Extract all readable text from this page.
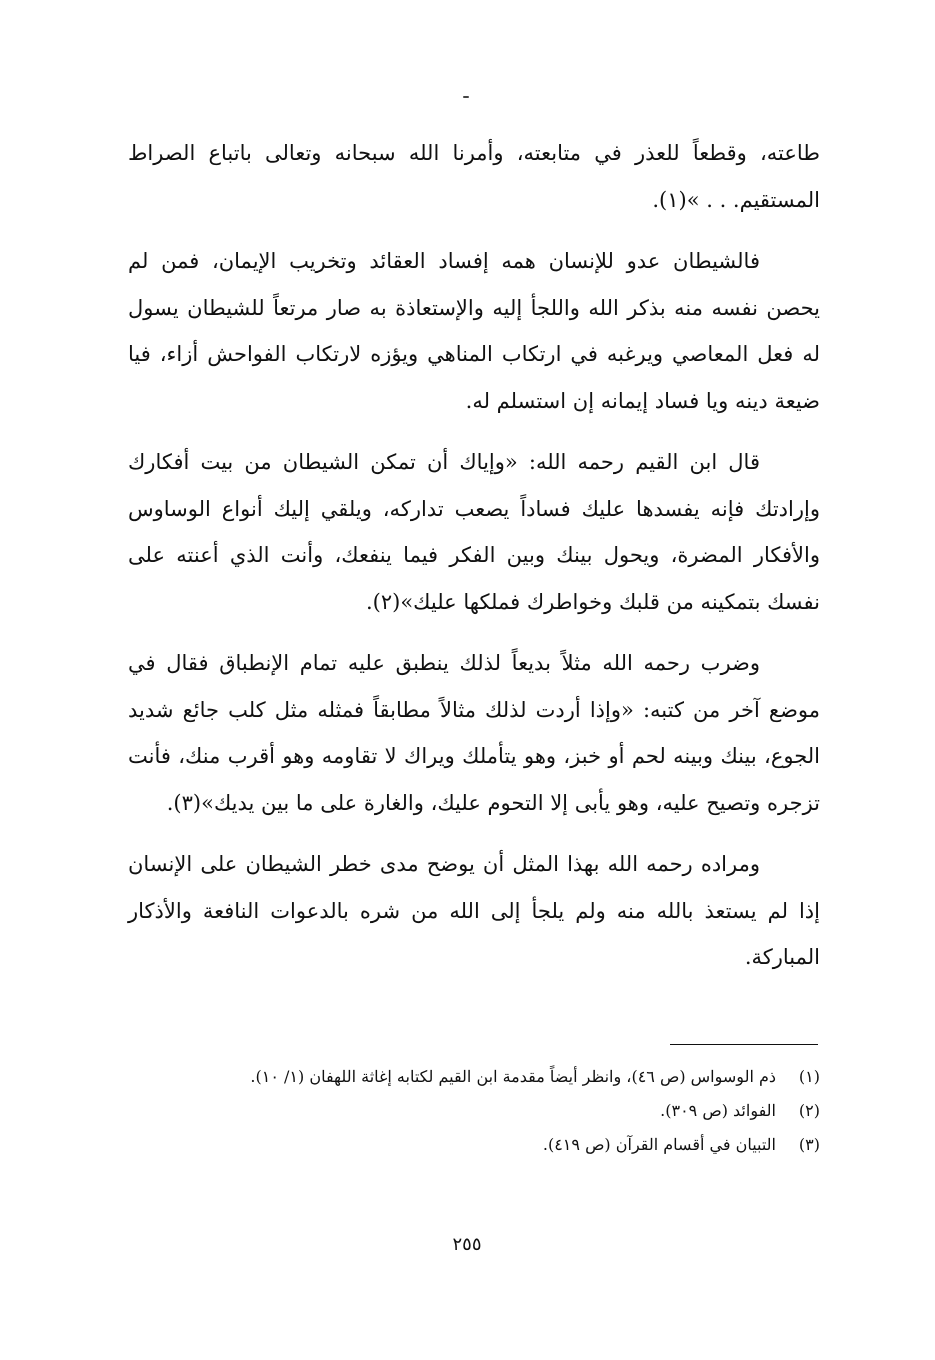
طاعته، وقطعاً للعذر في متابعته، وأمرنا الله سبحانه وتعالى باتباع الصراط المستقيم. . . »(١).

فالشيطان عدو للإنسان همه إفساد العقائد وتخريب الإيمان، فمن لم يحصن نفسه منه بذكر الله واللجأ إليه والإستعاذة به صار مرتعاً للشيطان يسول له فعل المعاصي ويرغبه في ارتكاب المناهي ويؤزه لارتكاب الفواحش أزاء، فيا ضيعة دينه ويا فساد إيمانه إن استسلم له.

قال ابن القيم رحمه الله: «وإياك أن تمكن الشيطان من بيت أفكارك وإرادتك فإنه يفسدها عليك فساداً يصعب تداركه، ويلقي إليك أنواع الوساوس والأفكار المضرة، ويحول بينك وبين الفكر فيما ينفعك، وأنت الذي أعنته على نفسك بتمكينه من قلبك وخواطرك فملكها عليك»(٢).

وضرب رحمه الله مثلاً بديعاً لذلك ينطبق عليه تمام الإنطباق فقال في موضع آخر من كتبه: «وإذا أردت لذلك مثالاً مطابقاً فمثله مثل كلب جائع شديد الجوع، بينك وبينه لحم أو خبز، وهو يتأملك ويراك لا تقاومه وهو أقرب منك، فأنت تزجره وتصيح عليه، وهو يأبى إلا التحوم عليك، والغارة على ما بين يديك»(٣).

ومراده رحمه الله بهذا المثل أن يوضح مدى خطر الشيطان على الإنسان إذا لم يستعذ بالله منه ولم يلجأ إلى الله من شره بالدعوات النافعة والأذكار المباركة.

(١)
ذم الوسواس (ص ٤٦)، وانظر أيضاً مقدمة ابن القيم لكتابه إغاثة اللهفان (١/ ١٠).
(٢)
الفوائد (ص ٣٠٩).
(٣)
التبيان في أقسام القرآن (ص ٤١٩).
٢٥٥
